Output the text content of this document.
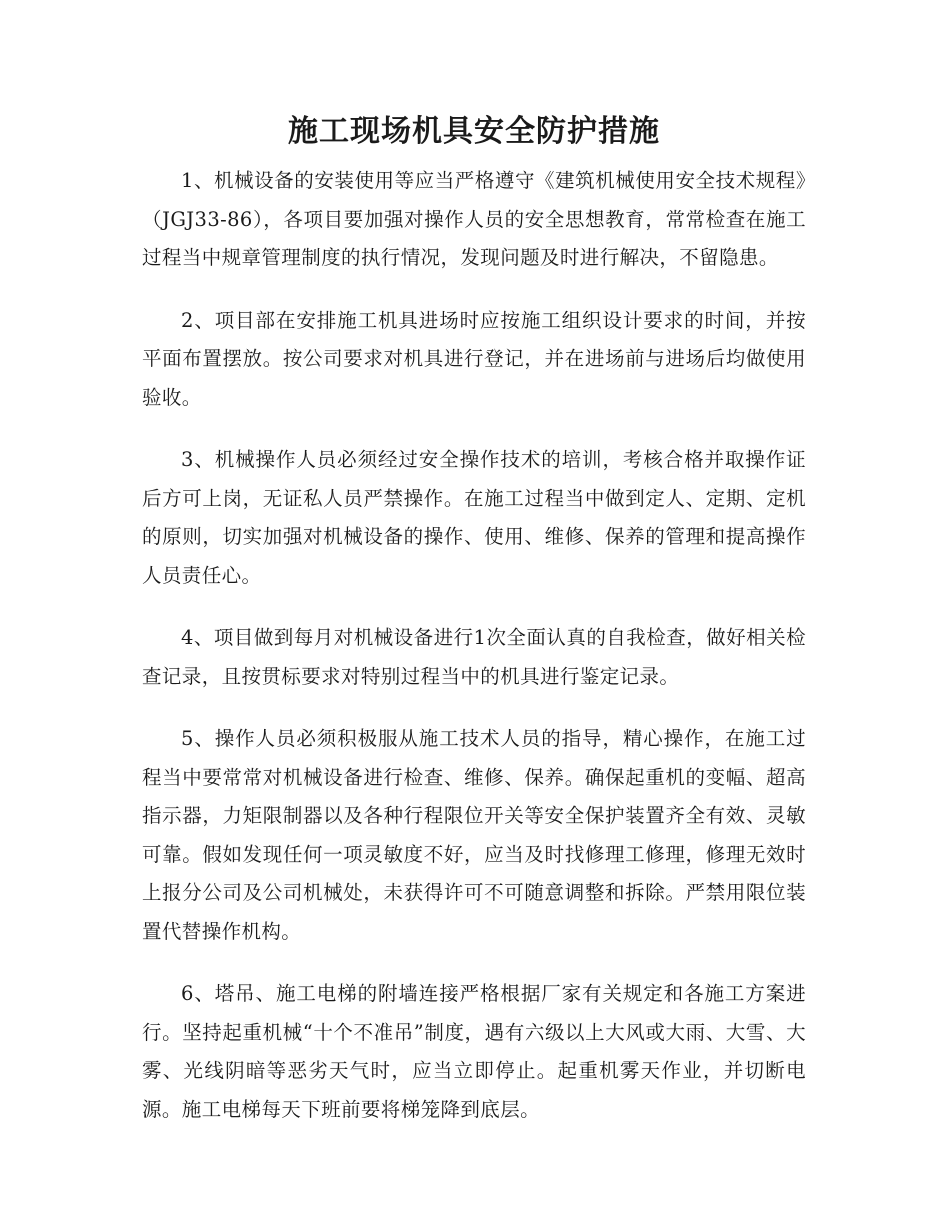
施工现场机具安全防护措施

1、机械设备的安装使用等应当严格遵守《建筑机械使用安全技术规程》（JGJ33-86），各项目要加强对操作人员的安全思想教育，常常检查在施工过程当中规章管理制度的执行情况，发现问题及时进行解决，不留隐患。

2、项目部在安排施工机具进场时应按施工组织设计要求的时间，并按平面布置摆放。按公司要求对机具进行登记，并在进场前与进场后均做使用验收。

3、机械操作人员必须经过安全操作技术的培训，考核合格并取操作证后方可上岗，无证私人员严禁操作。在施工过程当中做到定人、定期、定机的原则，切实加强对机械设备的操作、使用、维修、保养的管理和提高操作人员责任心。

4、项目做到每月对机械设备进行1次全面认真的自我检查，做好相关检查记录，且按贯标要求对特别过程当中的机具进行鉴定记录。

5、操作人员必须积极服从施工技术人员的指导，精心操作，在施工过程当中要常常对机械设备进行检查、维修、保养。确保起重机的变幅、超高指示器，力矩限制器以及各种行程限位开关等安全保护装置齐全有效、灵敏可靠。假如发现任何一项灵敏度不好，应当及时找修理工修理，修理无效时上报分公司及公司机械处，未获得许可不可随意调整和拆除。严禁用限位装置代替操作机构。

6、塔吊、施工电梯的附墙连接严格根据厂家有关规定和各施工方案进行。坚持起重机械“十个不准吊”制度，遇有六级以上大风或大雨、大雪、大雾、光线阴暗等恶劣天气时，应当立即停止。起重机雾天作业，并切断电源。施工电梯每天下班前要将梯笼降到底层。
